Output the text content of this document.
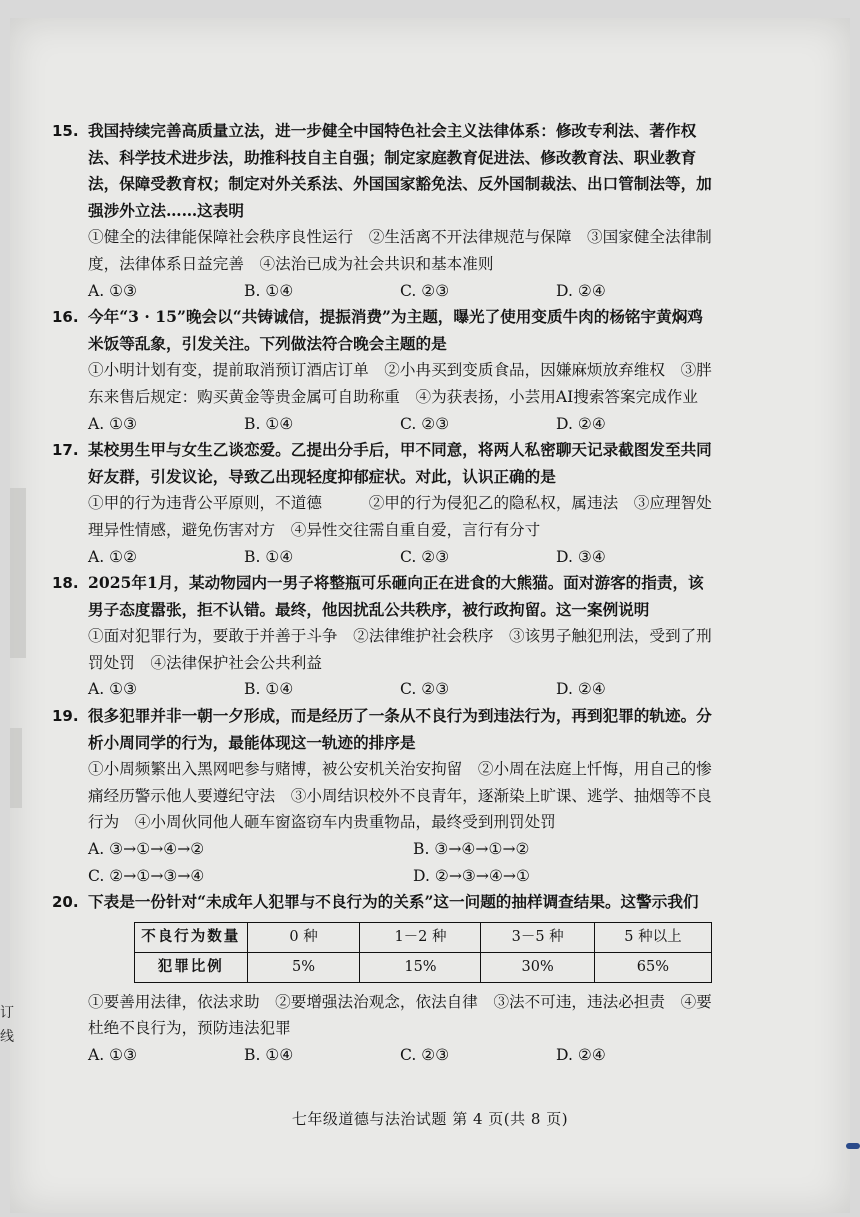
订
线
15. 我国持续完善高质量立法，进一步健全中国特色社会主义法律体系：修改专利法、著作权法、科学技术进步法，助推科技自主自强；制定家庭教育促进法、修改教育法、职业教育法，保障受教育权；制定对外关系法、外国国家豁免法、反外国制裁法、出口管制法等，加强涉外立法……这表明

①健全的法律能保障社会秩序良性运行　②生活离不开法律规范与保障　③国家健全法律制度，法律体系日益完善　④法治已成为社会共识和基本准则

A. ①③	B. ①④	C. ②③	D. ②④
16. 今年“3 · 15”晚会以“共铸诚信，提振消费”为主题，曝光了使用变质牛肉的杨铭宇黄焖鸡米饭等乱象，引发关注。下列做法符合晚会主题的是

①小明计划有变，提前取消预订酒店订单　②小冉买到变质食品，因嫌麻烦放弃维权　③胖东来售后规定：购买黄金等贵金属可自助称重　④为获表扬，小芸用AI搜索答案完成作业

A. ①③	B. ①④	C. ②③	D. ②④
17. 某校男生甲与女生乙谈恋爱。乙提出分手后，甲不同意，将两人私密聊天记录截图发至共同好友群，引发议论，导致乙出现轻度抑郁症状。对此，认识正确的是

①甲的行为违背公平原则，不道德　　　②甲的行为侵犯乙的隐私权，属违法　③应理智处理异性情感，避免伤害对方　④异性交往需自重自爱，言行有分寸

A. ①②	B. ①④	C. ②③	D. ③④
18. 2025年1月，某动物园内一男子将整瓶可乐砸向正在进食的大熊猫。面对游客的指责，该男子态度嚣张，拒不认错。最终，他因扰乱公共秩序，被行政拘留。这一案例说明

①面对犯罪行为，要敢于并善于斗争　②法律维护社会秩序　③该男子触犯刑法，受到了刑罚处罚　④法律保护社会公共利益

A. ①③	B. ①④	C. ②③	D. ②④
19. 很多犯罪并非一朝一夕形成，而是经历了一条从不良行为到违法行为，再到犯罪的轨迹。分析小周同学的行为，最能体现这一轨迹的排序是

①小周频繁出入黑网吧参与赌博，被公安机关治安拘留　②小周在法庭上忏悔，用自己的惨痛经历警示他人要遵纪守法　③小周结识校外不良青年，逐渐染上旷课、逃学、抽烟等不良行为　④小周伙同他人砸车窗盗窃车内贵重物品，最终受到刑罚处罚

A. ③→①→④→②	B. ③→④→①→②
C. ②→①→③→④	D. ②→③→④→①
20. 下表是一份针对“未成年人犯罪与不良行为的关系”这一问题的抽样调查结果。这警示我们

不良行为数量	0 种	1－2 种	3－5 种	5 种以上
犯罪比例	5%	15%	30%	65%

①要善用法律，依法求助　②要增强法治观念，依法自律　③法不可违，违法必担责　④要杜绝不良行为，预防违法犯罪

A. ①③	B. ①④	C. ②③	D. ②④
七年级道德与法治试题 第 4 页(共 8 页)
